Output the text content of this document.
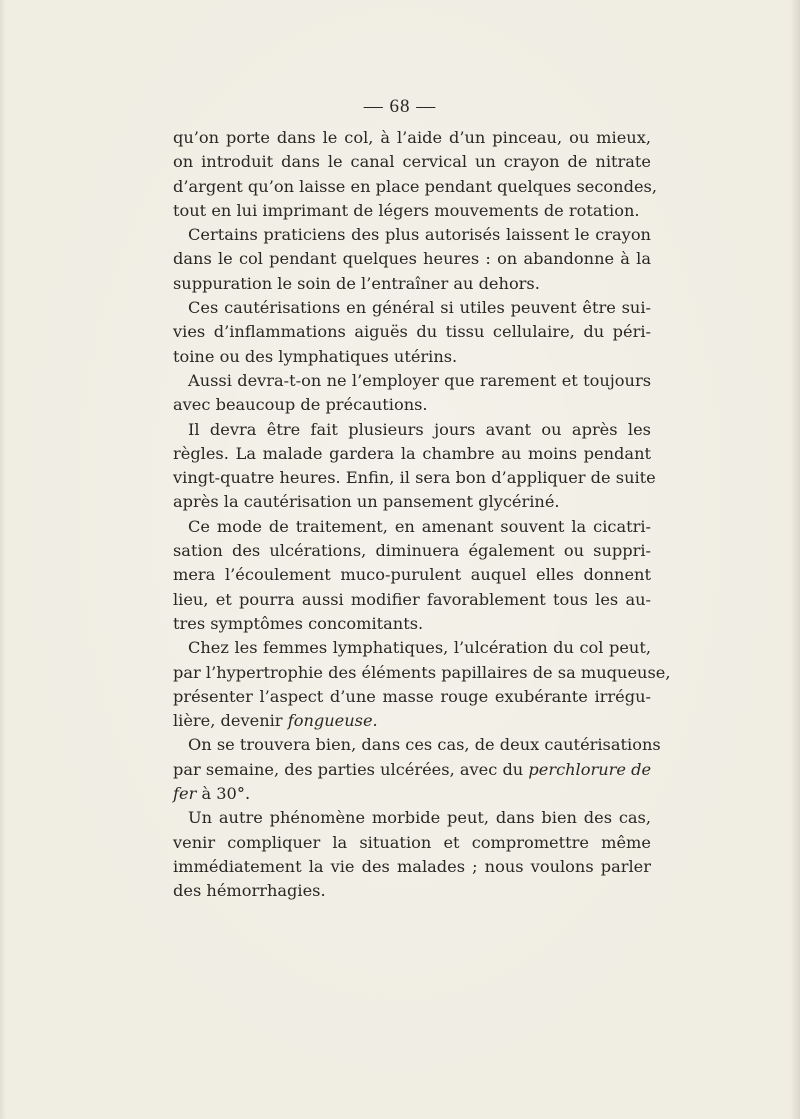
— 68 —
qu’on porte dans le col, à l’aide d’un pinceau, ou mieux,
on introduit dans le canal cervical un crayon de nitrate
d’argent qu’on laisse en place pendant quelques secondes,
tout en lui imprimant de légers mouvements de rotation.
Certains praticiens des plus autorisés laissent le crayon
dans le col pendant quelques heures : on abandonne à la
suppuration le soin de l’entraîner au dehors.
Ces cautérisations en général si utiles peuvent être sui-
vies d’inflammations aiguës du tissu cellulaire, du péri-
toine ou des lymphatiques utérins.
Aussi devra-t-on ne l’employer que rarement et toujours
avec beaucoup de précautions.
Il devra être fait plusieurs jours avant ou après les
règles. La malade gardera la chambre au moins pendant
vingt-quatre heures. Enfin, il sera bon d’appliquer de suite
après la cautérisation un pansement glycériné.
Ce mode de traitement, en amenant souvent la cicatri-
sation des ulcérations, diminuera également ou suppri-
mera l’écoulement muco-purulent auquel elles donnent
lieu, et pourra aussi modifier favorablement tous les au-
tres symptômes concomitants.
Chez les femmes lymphatiques, l’ulcération du col peut,
par l’hypertrophie des éléments papillaires de sa muqueuse,
présenter l’aspect d’une masse rouge exubérante irrégu-
lière, devenir fongueuse.
On se trouvera bien, dans ces cas, de deux cautérisations
par semaine, des parties ulcérées, avec du perchlorure de
fer à 30°.
Un autre phénomène morbide peut, dans bien des cas,
venir compliquer la situation et compromettre même
immédiatement la vie des malades ; nous voulons parler
des hémorrhagies.
